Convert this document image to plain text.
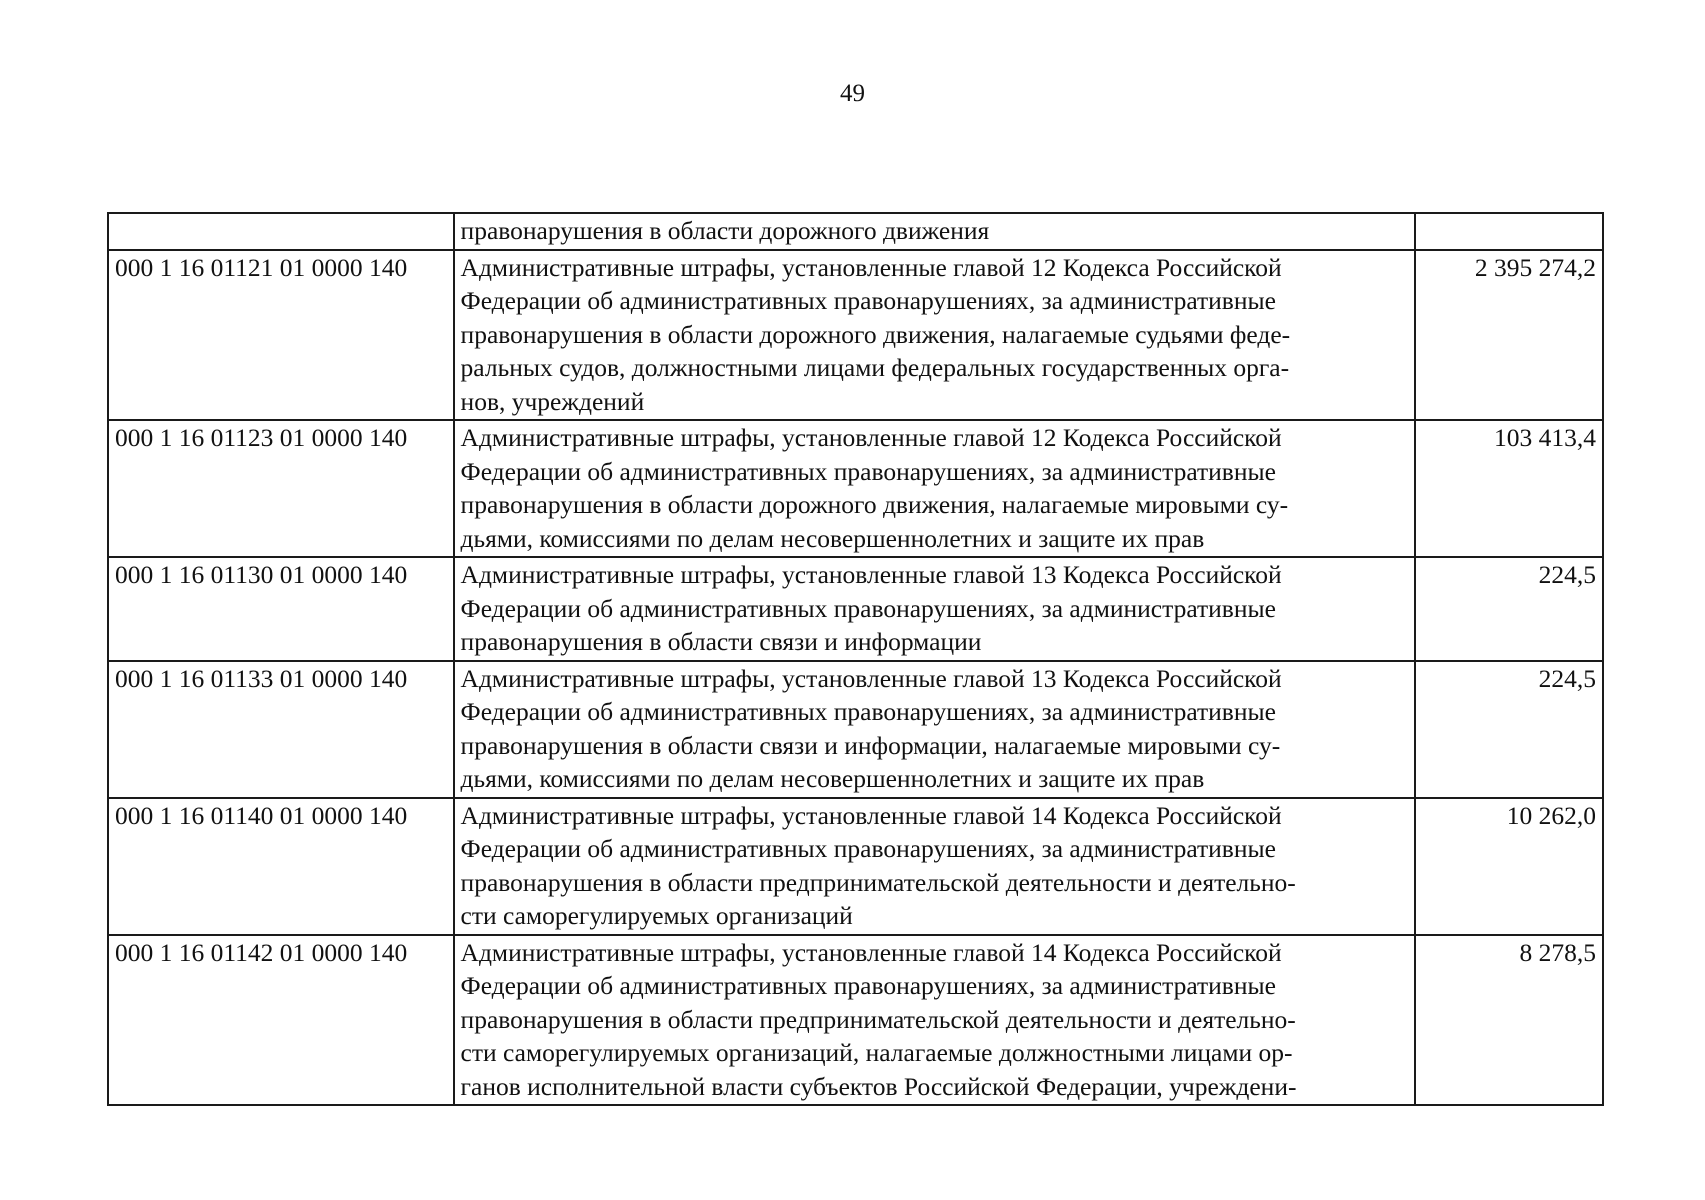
49
	правонарушения в области дорожного движения	
000 1 16 01121 01 0000 140	Административные штрафы, установленные главой 12 Кодекса Российской
Федерации об административных правонарушениях, за административные
правонарушения в области дорожного движения, налагаемые судьями феде-
ральных судов, должностными лицами федеральных государственных орга-
нов, учреждений	2 395 274,2
000 1 16 01123 01 0000 140	Административные штрафы, установленные главой 12 Кодекса Российской
Федерации об административных правонарушениях, за административные
правонарушения в области дорожного движения, налагаемые мировыми су-
дьями, комиссиями по делам несовершеннолетних и защите их прав	103 413,4
000 1 16 01130 01 0000 140	Административные штрафы, установленные главой 13 Кодекса Российской
Федерации об административных правонарушениях, за административные
правонарушения в области связи и информации	224,5
000 1 16 01133 01 0000 140	Административные штрафы, установленные главой 13 Кодекса Российской
Федерации об административных правонарушениях, за административные
правонарушения в области связи и информации, налагаемые мировыми су-
дьями, комиссиями по делам несовершеннолетних и защите их прав	224,5
000 1 16 01140 01 0000 140	Административные штрафы, установленные главой 14 Кодекса Российской
Федерации об административных правонарушениях, за административные
правонарушения в области предпринимательской деятельности и деятельно-
сти саморегулируемых организаций	10 262,0
000 1 16 01142 01 0000 140	Административные штрафы, установленные главой 14 Кодекса Российской
Федерации об административных правонарушениях, за административные
правонарушения в области предпринимательской деятельности и деятельно-
сти саморегулируемых организаций, налагаемые должностными лицами ор-
ганов исполнительной власти субъектов Российской Федерации, учреждени-	8 278,5
